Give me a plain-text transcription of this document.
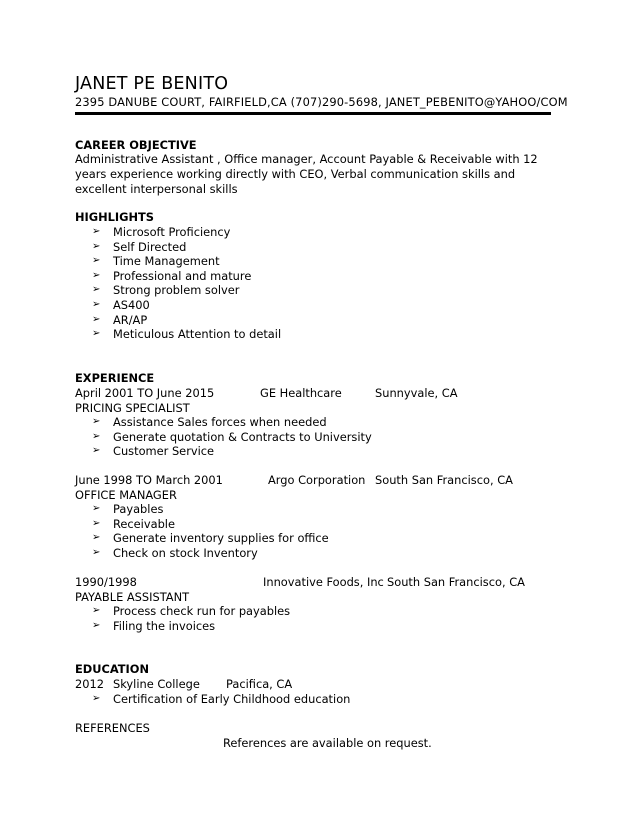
JANET PE BENITO
2395 DANUBE COURT, FAIRFIELD,CA (707)290-5698, JANET_PEBENITO@YAHOO/COM
CAREER OBJECTIVE
Administrative Assistant , Office manager, Account Payable & Receivable with 12 years experience working directly with CEO, Verbal communication skills and excellent interpersonal skills
HIGHLIGHTS
➢	Microsoft Proficiency
➢	Self Directed
➢	Time Management
➢	Professional and mature
➢	Strong problem solver
➢	AS400
➢	AR/AP
➢	Meticulous Attention to detail
EXPERIENCE
April 2001 TO June 2015	GE Healthcare	Sunnyvale, CA
PRICING SPECIALIST
➢	Assistance Sales forces when needed
➢	Generate quotation & Contracts to University
➢	Customer Service
June 1998 TO March 2001	Argo Corporation South San Francisco, CA
OFFICE MANAGER
➢	Payables
➢	Receivable
➢	Generate inventory supplies for office
➢	Check on stock Inventory
1990/1998	Innovative Foods, Inc South San Francisco, CA
PAYABLE ASSISTANT
➢	Process check run for payables
➢	Filing the invoices
EDUCATION
2012 Skyline College Pacifica, CA
➢	Certification of Early Childhood education
REFERENCES
References are available on request.
